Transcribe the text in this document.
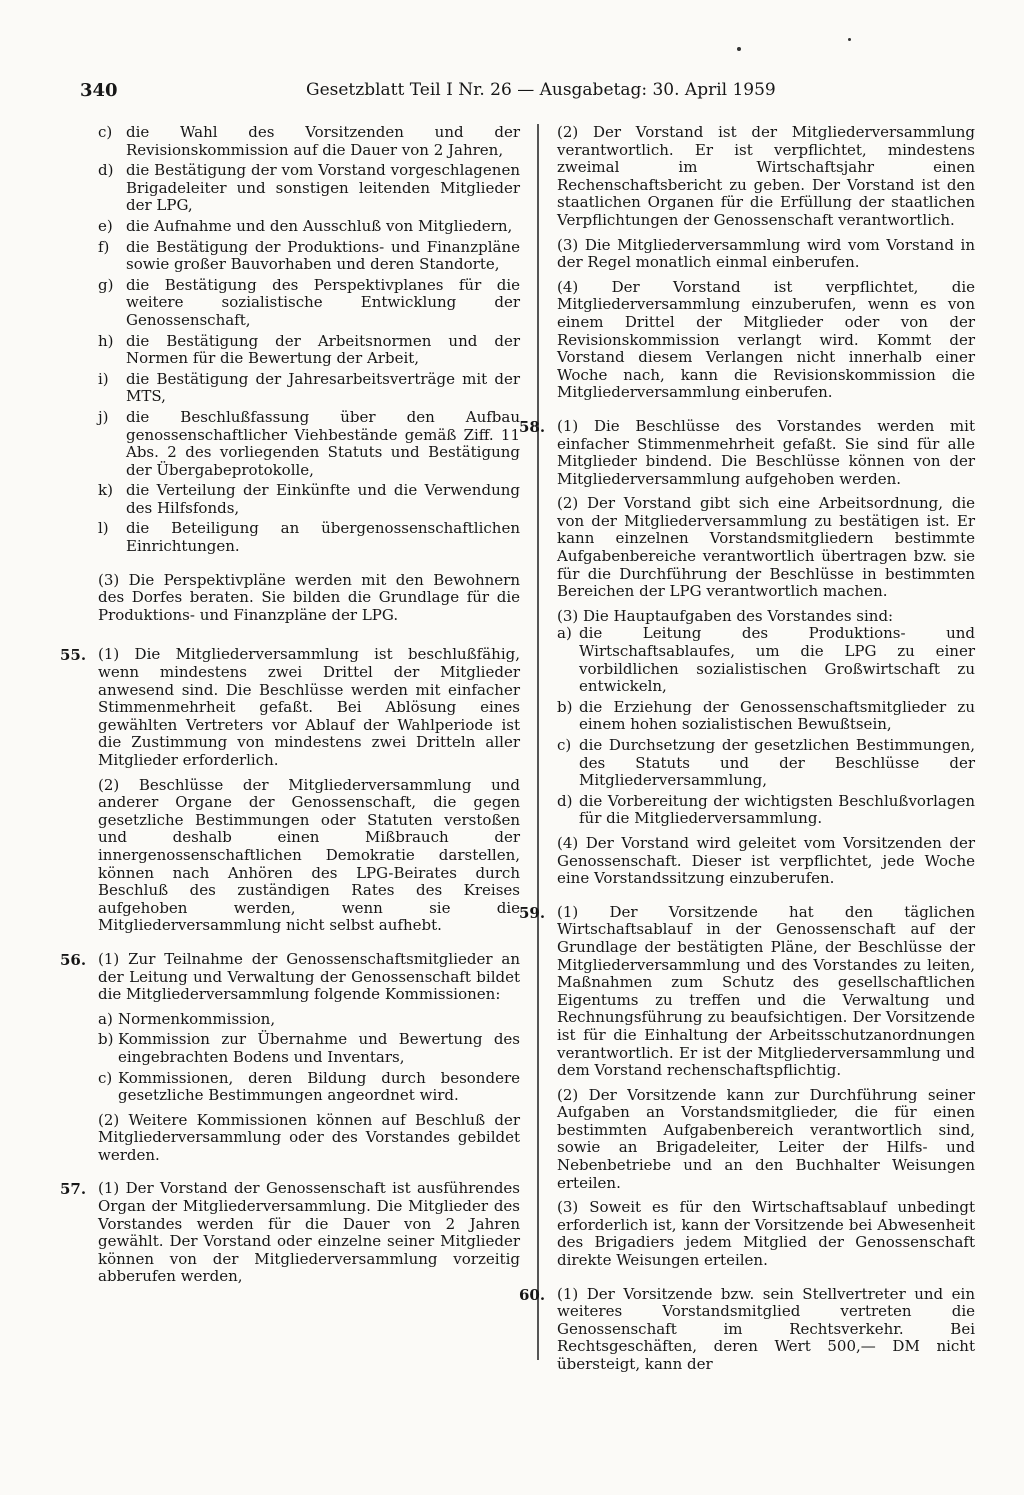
340	Gesetzblatt Teil I Nr. 26 — Ausgabetag: 30. April 1959
c) die Wahl des Vorsitzenden und der Revisionskommission auf die Dauer von 2 Jahren,
d) die Bestätigung der vom Vorstand vorgeschlagenen Brigadeleiter und sonstigen leitenden Mitglieder der LPG,
e) die Aufnahme und den Ausschluß von Mitgliedern,
f) die Bestätigung der Produktions- und Finanzpläne sowie großer Bauvorhaben und deren Standorte,
g) die Bestätigung des Perspektivplanes für die weitere sozialistische Entwicklung der Genossenschaft,
h) die Bestätigung der Arbeitsnormen und der Normen für die Bewertung der Arbeit,
i) die Bestätigung der Jahresarbeitsverträge mit der MTS,
j) die Beschlußfassung über den Aufbau genossenschaftlicher Viehbestände gemäß Ziff. 11 Abs. 2 des vorliegenden Statuts und Bestätigung der Übergabeprotokolle,
k) die Verteilung der Einkünfte und die Verwendung des Hilfsfonds,
l) die Beteiligung an übergenossenschaftlichen Einrichtungen.

(3) Die Perspektivpläne werden mit den Bewohnern des Dorfes beraten. Sie bilden die Grundlage für die Produktions- und Finanzpläne der LPG.

55. (1) Die Mitgliederversammlung ist beschlußfähig, wenn mindestens zwei Drittel der Mitglieder anwesend sind. Die Beschlüsse werden mit einfacher Stimmenmehrheit gefaßt. Bei Ablösung eines gewählten Vertreters vor Ablauf der Wahlperiode ist die Zustimmung von mindestens zwei Dritteln aller Mitglieder erforderlich.

(2) Beschlüsse der Mitgliederversammlung und anderer Organe der Genossenschaft, die gegen gesetzliche Bestimmungen oder Statuten verstoßen und deshalb einen Mißbrauch der innergenossenschaftlichen Demokratie darstellen, können nach Anhören des LPG-Beirates durch Beschluß des zuständigen Rates des Kreises aufgehoben werden, wenn sie die Mitgliederversammlung nicht selbst aufhebt.

56. (1) Zur Teilnahme der Genossenschaftsmitglieder an der Leitung und Verwaltung der Genossenschaft bildet die Mitgliederversammlung folgende Kommissionen:

a) Normenkommission,
b) Kommission zur Übernahme und Bewertung des eingebrachten Bodens und Inventars,
c) Kommissionen, deren Bildung durch besondere gesetzliche Bestimmungen angeordnet wird.

(2) Weitere Kommissionen können auf Beschluß der Mitgliederversammlung oder des Vorstandes gebildet werden.

57. (1) Der Vorstand der Genossenschaft ist ausführendes Organ der Mitgliederversammlung. Die Mitglieder des Vorstandes werden für die Dauer von 2 Jahren gewählt. Der Vorstand oder einzelne seiner Mitglieder können von der Mitgliederversammlung vorzeitig abberufen werden,

(2) Der Vorstand ist der Mitgliederversammlung verantwortlich. Er ist verpflichtet, mindestens zweimal im Wirtschaftsjahr einen Rechenschaftsbericht zu geben. Der Vorstand ist den staatlichen Organen für die Erfüllung der staatlichen Verpflichtungen der Genossenschaft verantwortlich.

(3) Die Mitgliederversammlung wird vom Vorstand in der Regel monatlich einmal einberufen.

(4) Der Vorstand ist verpflichtet, die Mitgliederversammlung einzuberufen, wenn es von einem Drittel der Mitglieder oder von der Revisionskommission verlangt wird. Kommt der Vorstand diesem Verlangen nicht innerhalb einer Woche nach, kann die Revisionskommission die Mitgliederversammlung einberufen.

58. (1) Die Beschlüsse des Vorstandes werden mit einfacher Stimmenmehrheit gefaßt. Sie sind für alle Mitglieder bindend. Die Beschlüsse können von der Mitgliederversammlung aufgehoben werden.

(2) Der Vorstand gibt sich eine Arbeitsordnung, die von der Mitgliederversammlung zu bestätigen ist. Er kann einzelnen Vorstandsmitgliedern bestimmte Aufgabenbereiche verantwortlich übertragen bzw. sie für die Durchführung der Beschlüsse in bestimmten Bereichen der LPG verantwortlich machen.

(3) Die Hauptaufgaben des Vorstandes sind:

a) die Leitung des Produktions- und Wirtschaftsablaufes, um die LPG zu einer vorbildlichen sozialistischen Großwirtschaft zu entwickeln,
b) die Erziehung der Genossenschaftsmitglieder zu einem hohen sozialistischen Bewußtsein,
c) die Durchsetzung der gesetzlichen Bestimmungen, des Statuts und der Beschlüsse der Mitgliederversammlung,
d) die Vorbereitung der wichtigsten Beschlußvorlagen für die Mitgliederversammlung.

(4) Der Vorstand wird geleitet vom Vorsitzenden der Genossenschaft. Dieser ist verpflichtet, jede Woche eine Vorstandssitzung einzuberufen.

59. (1) Der Vorsitzende hat den täglichen Wirtschaftsablauf in der Genossenschaft auf der Grundlage der bestätigten Pläne, der Beschlüsse der Mitgliederversammlung und des Vorstandes zu leiten, Maßnahmen zum Schutz des gesellschaftlichen Eigentums zu treffen und die Verwaltung und Rechnungsführung zu beaufsichtigen. Der Vorsitzende ist für die Einhaltung der Arbeitsschutzanordnungen verantwortlich. Er ist der Mitgliederversammlung und dem Vorstand rechenschaftspflichtig.

(2) Der Vorsitzende kann zur Durchführung seiner Aufgaben an Vorstandsmitglieder, die für einen bestimmten Aufgabenbereich verantwortlich sind, sowie an Brigadeleiter, Leiter der Hilfs- und Nebenbetriebe und an den Buchhalter Weisungen erteilen.

(3) Soweit es für den Wirtschaftsablauf unbedingt erforderlich ist, kann der Vorsitzende bei Abwesenheit des Brigadiers jedem Mitglied der Genossenschaft direkte Weisungen erteilen.

60. (1) Der Vorsitzende bzw. sein Stellvertreter und ein weiteres Vorstandsmitglied vertreten die Genossenschaft im Rechtsverkehr. Bei Rechtsgeschäften, deren Wert 500,— DM nicht übersteigt, kann der
